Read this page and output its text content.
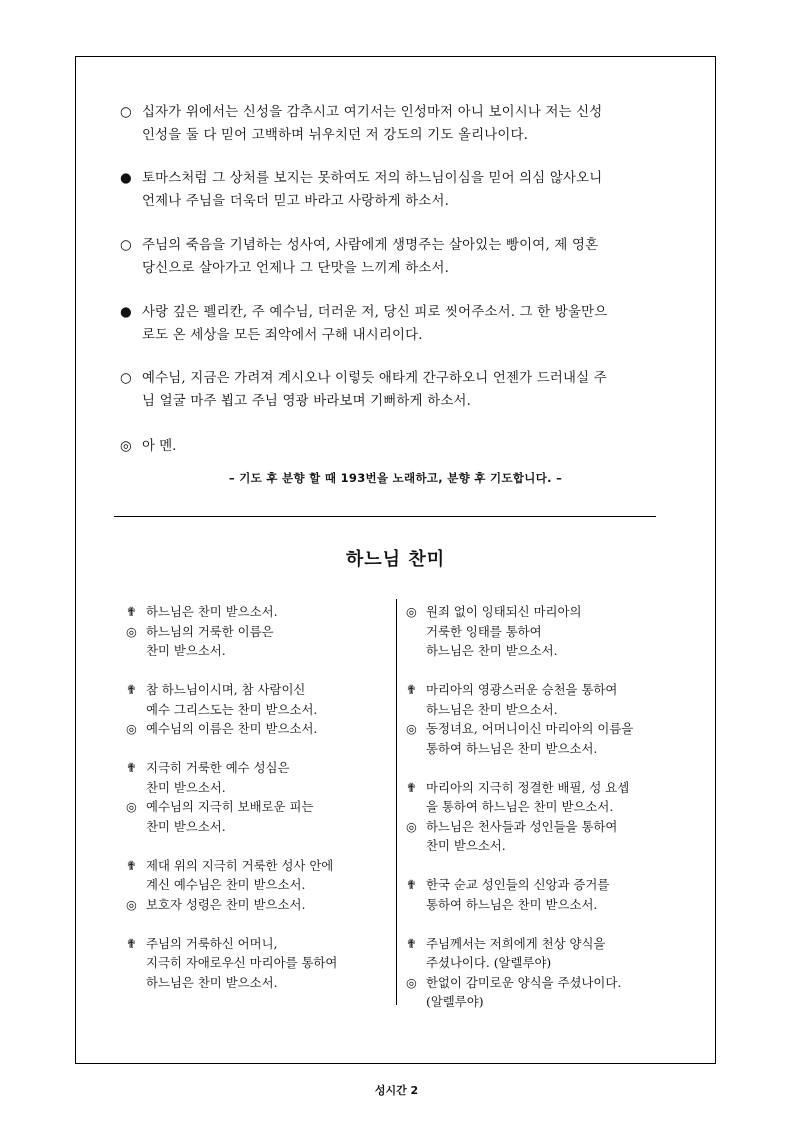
○ 십자가 위에서는 신성을 감추시고 여기서는 인성마저 아니 보이시나 저는 신성
인성을 둘 다 믿어 고백하며 뉘우치던 저 강도의 기도 올리나이다.
● 토마스처럼 그 상처를 보지는 못하여도 저의 하느님이심을 믿어 의심 않사오니
언제나 주님을 더욱더 믿고 바라고 사랑하게 하소서.
○ 주님의 죽음을 기념하는 성사여, 사람에게 생명주는 살아있는 빵이여, 제 영혼
당신으로 살아가고 언제나 그 단맛을 느끼게 하소서.
● 사랑 깊은 펠리칸, 주 예수님, 더러운 저, 당신 피로 씻어주소서. 그 한 방울만으
로도 온 세상을 모든 죄악에서 구해 내시리이다.
○ 예수님, 지금은 가려져 계시오나 이렇듯 애타게 간구하오니 언젠가 드러내실 주
님 얼굴 마주 뵙고 주님 영광 바라보며 기뻐하게 하소서.
◎ 아 멘.
– 기도 후 분향 할 때 193번을 노래하고, 분향 후 기도합니다. –
하느님 찬미
✟ 하느님은 찬미 받으소서.
◎ 하느님의 거룩한 이름은
찬미 받으소서.
✟ 참 하느님이시며, 참 사람이신
예수 그리스도는 찬미 받으소서.
◎ 예수님의 이름은 찬미 받으소서.
✟ 지극히 거룩한 예수 성심은
찬미 받으소서.
◎ 예수님의 지극히 보배로운 피는
찬미 받으소서.
✟ 제대 위의 지극히 거룩한 성사 안에
계신 예수님은 찬미 받으소서.
◎ 보호자 성령은 찬미 받으소서.
✟ 주님의 거룩하신 어머니,
지극히 자애로우신 마리아를 통하여
하느님은 찬미 받으소서.
◎ 원죄 없이 잉태되신 마리아의
거룩한 잉태를 통하여
하느님은 찬미 받으소서.
✟ 마리아의 영광스러운 승천을 통하여
하느님은 찬미 받으소서.
◎ 동정녀요, 어머니이신 마리아의 이름을
통하여 하느님은 찬미 받으소서.
✟ 마리아의 지극히 정결한 배필, 성 요셉
을 통하여 하느님은 찬미 받으소서.
◎ 하느님은 천사들과 성인들을 통하여
찬미 받으소서.
✟ 한국 순교 성인들의 신앙과 증거를
통하여 하느님은 찬미 받으소서.
✟ 주님께서는 저희에게 천상 양식을
주셨나이다. (알렐루야)
◎ 한없이 감미로운 양식을 주셨나이다.
(알렐루야)
성시간 2
